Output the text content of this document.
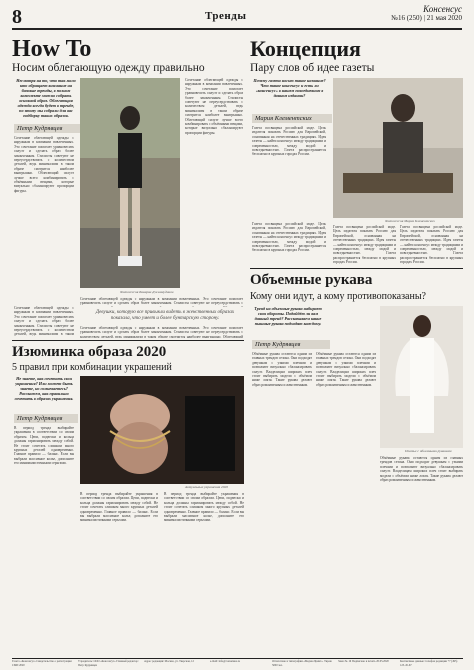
8	Тренды
Консенсус
№16 (250) | 21 мая 2020
How To
Носим облегающую одежду правильно
Несмотря на то, что так мало кто обращает внимание на базовые тренды, в полном комплекте можно собрать основной образ. Облегающая одежда всегда будет в тренде, по этому мы собрали для вас подборку таких образов.
Петр Кудрявцев
Сочетание облегающей одежды с наружным в компании вовлеченных. Это сочетание помогает уравновесить силуэт и сделать образ более законченным. Стилисты советуют не переусердствовать с количеством деталей, ведь минимализм в таком образе смотрится наиболее выигрышно. Облегающий силуэт лучше всего комбинировать с объёмными вещами, которые визуально сбалансируют пропорции фигуры.
Фотосессия Бакарян Джамаудинов
Сочетание облегающей одежды с наружным в компании вовлеченных. Это сочетание помогает уравновесить силуэт и сделать образ более законченным. Стилисты советуют не переусердствовать с количеством деталей, ведь минимализм в таком образе смотрится наиболее выигрышно. Облегающий силуэт лучше всего комбинировать с объёмными вещами, которые визуально сбалансируют пропорции фигуры.
Сочетание облегающей одежды с наружным в компании вовлеченных. Это сочетание помогает уравновесить силуэт и сделать образ более законченным. Стилисты советуют не переусердствовать с
Девушки, которую все привыкли видеть в женственных образах показала, что умеет и более бунтарскую сторону.
Сочетание облегающей одежды с наружным в компании вовлеченных. Это сочетание помогает уравновесить силуэт и сделать образ более законченным. Стилисты советуют не переусердствовать с количеством деталей, ведь минимализм в таком
Сочетание облегающей одежды с наружным в компании вовлеченных. Это сочетание помогает уравновесить силуэт и сделать образ более законченным. Стилисты советуют не переусердствовать с количеством деталей, ведь минимализм в таком образе смотрится наиболее выигрышно. Облегающий
Изюминка образа 2020
5 правил при комбинации украшений
Не знаете, как сочетать свои украшения? Или может быть знаете, но сомневаетесь? Расскажем, как правильно сочетать в образах украшения.
Петр Кудрявцев
В период тренда выбирайте украшения в соответствии со своим образом. Цепи, подвески и кольца должны гармонировать между собой. Не стоит сочетать слишком много крупных деталей одновременно. Главное правило — баланс. Если вы выбрали массивное колье, дополните его минималистичными серьгами.
Актуальные украшения 2020
В период тренда выбирайте украшения в соответствии со своим образом. Цепи, подвески и кольца должны гармонировать между собой. Не стоит сочетать слишком много крупных деталей одновременно. Главное правило — баланс. Если вы выбрали массивное колье, дополните его минималистичными серьгами.
В период тренда выбирайте украшения в соответствии со своим образом. Цепи, подвески и кольца должны гармонировать между собой. Не стоит сочетать слишком много крупных деталей одновременно. Главное правило — баланс. Если вы выбрали массивное колье, дополните его минималистичными серьгами.
Концепция
Пару слов об идее газеты
Почему газета носит такое название? Что такое консенсус и есть ли «консенсус» в нашем повседневном в данном издании?
Мария Клементских
Газета посвящена российской моде. Цель издателя показать Россию для Европейской, основанная на отечественных традициях. Идея газеты — найти консенсус между традициями и современностью, между модой и повседневностью. Газета распространяется бесплатно в крупных городах России.
Фотосессия Мария Клементских
Газета посвящена российской моде. Цель издателя показать Россию для Европейской, основанная на отечественных традициях. Идея газеты — найти консенсус между традициями и современностью, между модой и повседневностью. Газета распространяется бесплатно в крупных городах России.
Газета посвящена российской моде. Цель издателя показать Россию для Европейской, основанная на отечественных традициях. Идея газеты — найти консенсус между традициями и современностью, между модой и повседневностью. Газета распространяется бесплатно в крупных городах России.
Газета посвящена российской моде. Цель издателя показать Россию для Европейской, основанная на отечественных традициях. Идея газеты — найти консенсус между традициями и современностью, между модой и повседневностью. Газета распространяется бесплатно в крупных городах России.
Объемные рукава
Кому они идут, а кому противопоказаны?
Тренд на объемные рукава набирает свои обороты. Подойдёт ли вам данный тренд? Рассказываем какие пышные рукава подходят каждому.
Петр Кудрявцев
Объёмные рукава остаются одним из главных трендов сезона. Они подходят девушкам с узкими плечами и позволяют визуально сбалансировать силуэт. Владелицам широких плеч стоит выбирать модели с объёмом ниже локтя. Такие рукава делают образ романтичным и женственным.
Объёмные рукава остаются одним из главных трендов сезона. Они подходят девушкам с узкими плечами и позволяют визуально сбалансировать силуэт. Владелицам широких плеч стоит выбирать модели с объёмом ниже локтя. Такие рукава делают образ романтичным и женственным.
Платье с объемными рукавами
Объёмные рукава остаются одним из главных трендов сезона. Они подходят девушкам с узкими плечами и позволяют визуально сбалансировать силуэт. Владелицам широких плеч стоит выбирать модели с объёмом ниже локтя. Такие рукава делают образ романтичным и женственным.
Газета «Консенсус» Свидетельство о регистрации СМИ 2020
Учредитель: ООО «Консенсус» Главный редактор: Петр Кудрявцев
Адрес редакции: Москва, ул. Тверская, 12	e-mail: info@consensus.ru	Отпечатано в типографии «Медиа-Принт». Тираж 5000 экз.
Заказ № 16 Подписано в печать 20.05.2020	Контактные данные: телефон редакции +7 (495) 123-45-67
